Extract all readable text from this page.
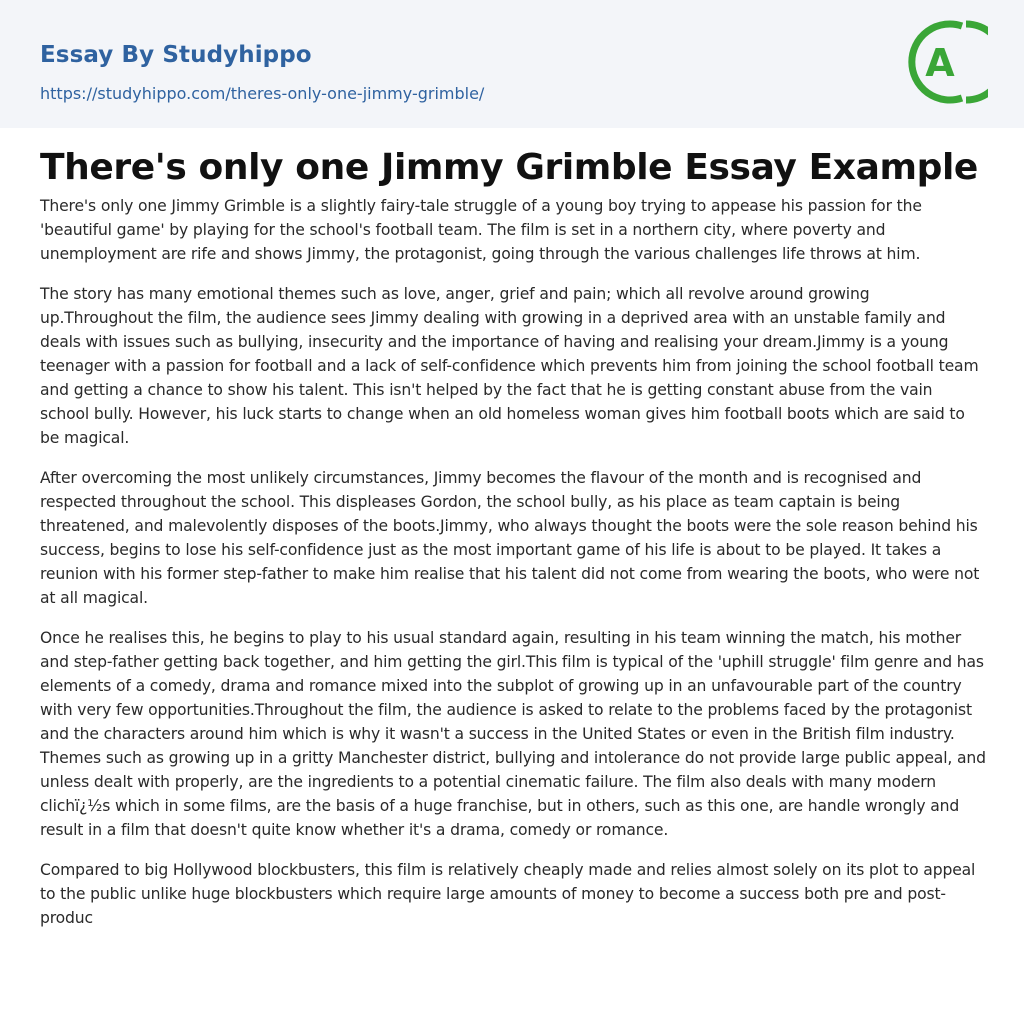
Essay By Studyhippo
https://studyhippo.com/theres-only-one-jimmy-grimble/
A
There's only one Jimmy Grimble Essay Example

There's only one Jimmy Grimble is a slightly fairy-tale struggle of a young boy trying to appease his passion for the 'beautiful game' by playing for the school's football team. The film is set in a northern city, where poverty and unemployment are rife and shows Jimmy, the protagonist, going through the various challenges life throws at him.

The story has many emotional themes such as love, anger, grief and pain; which all revolve around growing up.Throughout the film, the audience sees Jimmy dealing with growing in a deprived area with an unstable family and deals with issues such as bullying, insecurity and the importance of having and realising your dream.Jimmy is a young teenager with a passion for football and a lack of self-confidence which prevents him from joining the school football team and getting a chance to show his talent. This isn't helped by the fact that he is getting constant abuse from the vain school bully. However, his luck starts to change when an old homeless woman gives him football boots which are said to be magical.

After overcoming the most unlikely circumstances, Jimmy becomes the flavour of the month and is recognised and respected throughout the school. This displeases Gordon, the school bully, as his place as team captain is being threatened, and malevolently disposes of the boots.Jimmy, who always thought the boots were the sole reason behind his success, begins to lose his self-confidence just as the most important game of his life is about to be played. It takes a reunion with his former step-father to make him realise that his talent did not come from wearing the boots, who were not at all magical.

Once he realises this, he begins to play to his usual standard again, resulting in his team winning the match, his mother and step-father getting back together, and him getting the girl.This film is typical of the 'uphill struggle' film genre and has elements of a comedy, drama and romance mixed into the subplot of growing up in an unfavourable part of the country with very few opportunities.Throughout the film, the audience is asked to relate to the problems faced by the protagonist and the characters around him which is why it wasn't a success in the United States or even in the British film industry. Themes such as growing up in a gritty Manchester district, bullying and intolerance do not provide large public appeal, and unless dealt with properly, are the ingredients to a potential cinematic failure. The film also deals with many modern clichï¿½s which in some films, are the basis of a huge franchise, but in others, such as this one, are handle wrongly and result in a film that doesn't quite know whether it's a drama, comedy or romance.

Compared to big Hollywood blockbusters, this film is relatively cheaply made and relies almost solely on its plot to appeal to the public unlike huge blockbusters which require large amounts of money to become a success both pre and post-produc
